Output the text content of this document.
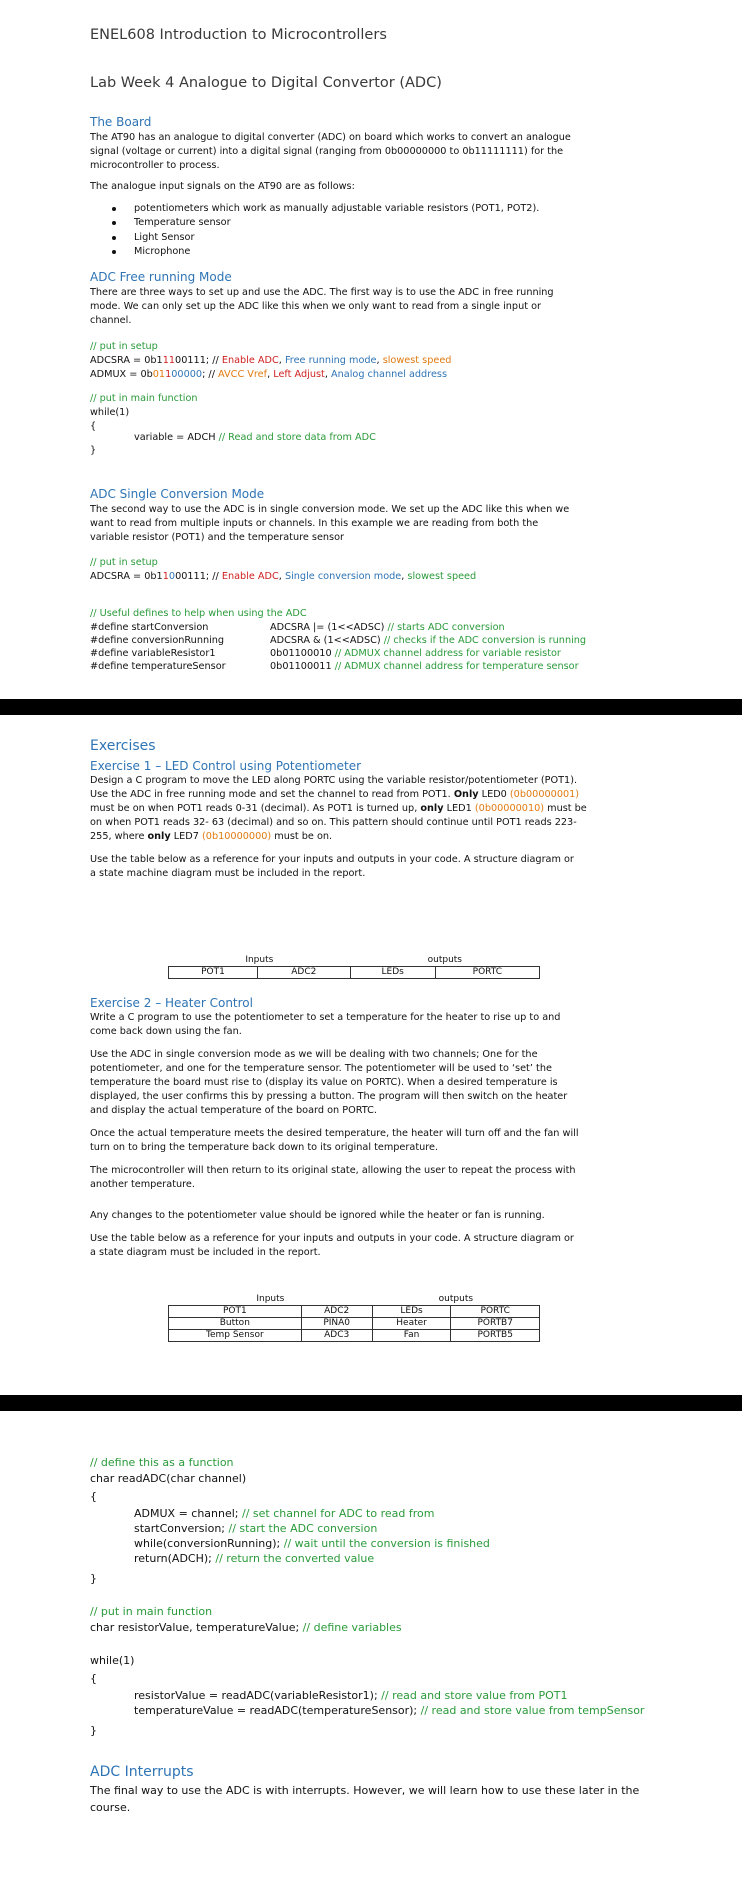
ENEL608 Introduction to Microcontrollers
Lab Week 4 Analogue to Digital Convertor (ADC)
The Board
The AT90 has an analogue to digital converter (ADC) on board which works to convert an analogue
signal (voltage or current) into a digital signal (ranging from 0b00000000 to 0b11111111) for the
microcontroller to process.
The analogue input signals on the AT90 are as follows:
potentiometers which work as manually adjustable variable resistors (POT1, POT2).
Temperature sensor
Light Sensor
Microphone
ADC Free running Mode
There are three ways to set up and use the ADC. The first way is to use the ADC in free running
mode. We can only set up the ADC like this when we only want to read from a single input or
channel.
// put in setup
ADCSRA = 0b11100111; // Enable ADC, Free running mode, slowest speed
ADMUX = 0b01100000; // AVCC Vref, Left Adjust, Analog channel address
// put in main function
while(1)
{
variable = ADCH // Read and store data from ADC
}
ADC Single Conversion Mode
The second way to use the ADC is in single conversion mode. We set up the ADC like this when we
want to read from multiple inputs or channels. In this example we are reading from both the
variable resistor (POT1) and the temperature sensor
// put in setup
ADCSRA = 0b11000111; // Enable ADC, Single conversion mode, slowest speed
// Useful defines to help when using the ADC
#define startConversion	ADCSRA |= (1<<ADSC) // starts ADC conversion
#define conversionRunning	ADCSRA & (1<<ADSC) // checks if the ADC conversion is running
#define variableResistor1	0b01100010 // ADMUX channel address for variable resistor
#define temperatureSensor	0b01100011 // ADMUX channel address for temperature sensor
Exercises
Exercise 1 – LED Control using Potentiometer
Design a C program to move the LED along PORTC using the variable resistor/potentiometer (POT1).
Use the ADC in free running mode and set the channel to read from POT1. Only LED0 (0b00000001)
must be on when POT1 reads 0-31 (decimal). As POT1 is turned up, only LED1 (0b00000010) must be
on when POT1 reads 32- 63 (decimal) and so on. This pattern should continue until POT1 reads 223-
255, where only LED7 (0b10000000) must be on.
Use the table below as a reference for your inputs and outputs in your code. A structure diagram or
a state machine diagram must be included in the report.
Inputs		outputs	
POT1	ADC2	LEDs	PORTC
Exercise 2 – Heater Control
Write a C program to use the potentiometer to set a temperature for the heater to rise up to and
come back down using the fan.
Use the ADC in single conversion mode as we will be dealing with two channels; One for the
potentiometer, and one for the temperature sensor. The potentiometer will be used to ‘set’ the
temperature the board must rise to (display its value on PORTC). When a desired temperature is
displayed, the user confirms this by pressing a button. The program will then switch on the heater
and display the actual temperature of the board on PORTC.
Once the actual temperature meets the desired temperature, the heater will turn off and the fan will
turn on to bring the temperature back down to its original temperature.
The microcontroller will then return to its original state, allowing the user to repeat the process with
another temperature.
Any changes to the potentiometer value should be ignored while the heater or fan is running.
Use the table below as a reference for your inputs and outputs in your code. A structure diagram or
a state diagram must be included in the report.
Inputs		outputs	
POT1	ADC2	LEDs	PORTC
Button	PINA0	Heater	PORTB7
Temp Sensor	ADC3	Fan	PORTB5
// define this as a function
char readADC(char channel)
{
ADMUX = channel; // set channel for ADC to read from
startConversion; // start the ADC conversion
while(conversionRunning); // wait until the conversion is finished
return(ADCH); // return the converted value
}
// put in main function
char resistorValue, temperatureValue; // define variables
while(1)
{
resistorValue = readADC(variableResistor1); // read and store value from POT1
temperatureValue = readADC(temperatureSensor); // read and store value from tempSensor
}
ADC Interrupts
The final way to use the ADC is with interrupts. However, we will learn how to use these later in the
course.
